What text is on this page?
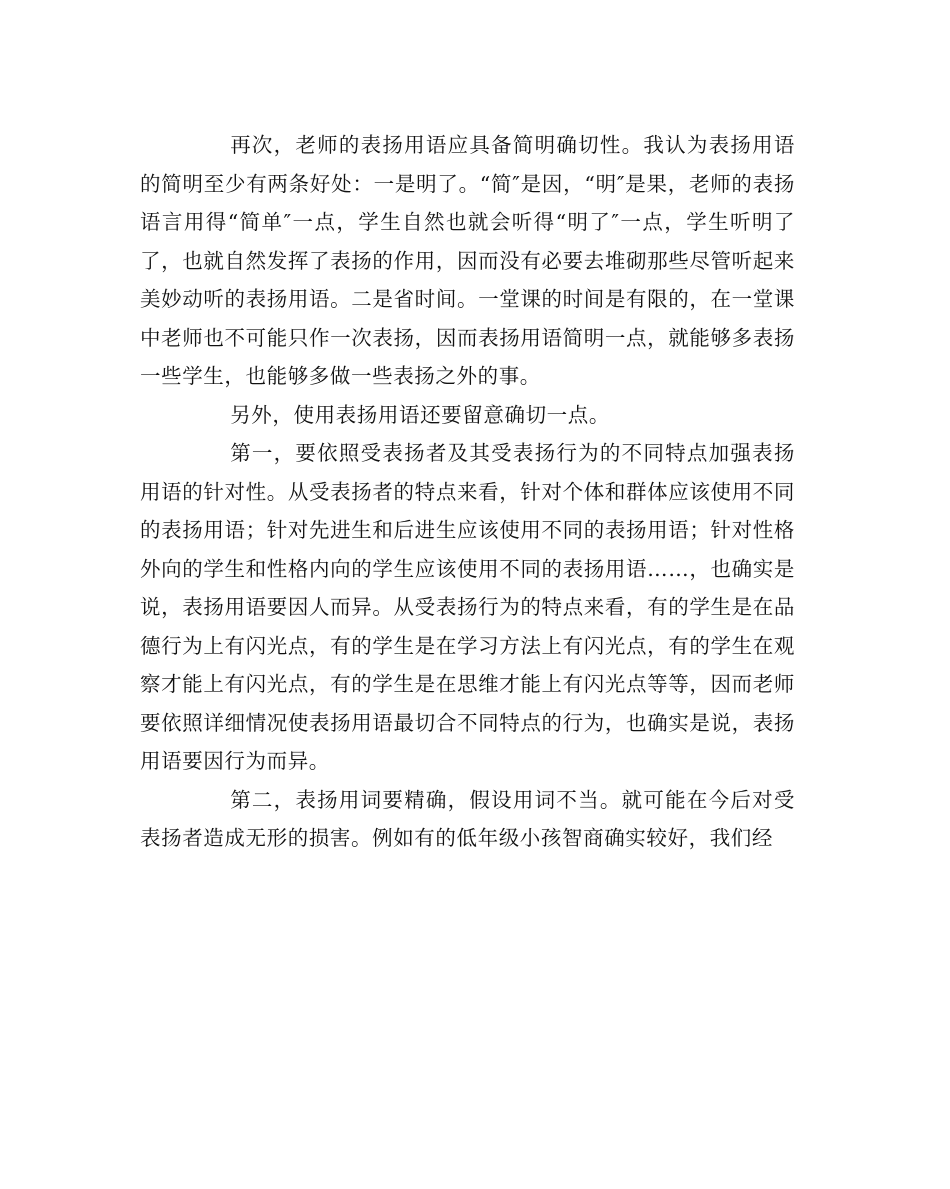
再次，老师的表扬用语应具备简明确切性。我认为表扬用语的简明至少有两条好处：一是明了。“简″是因，“明″是果，老师的表扬语言用得“简单″一点，学生自然也就会听得“明了″一点，学生听明了了，也就自然发挥了表扬的作用，因而没有必要去堆砌那些尽管听起来美妙动听的表扬用语。二是省时间。一堂课的时间是有限的，在一堂课中老师也不可能只作一次表扬，因而表扬用语简明一点，就能够多表扬一些学生，也能够多做一些表扬之外的事。

另外，使用表扬用语还要留意确切一点。

第一，要依照受表扬者及其受表扬行为的不同特点加强表扬用语的针对性。从受表扬者的特点来看，针对个体和群体应该使用不同的表扬用语；针对先进生和后进生应该使用不同的表扬用语；针对性格外向的学生和性格内向的学生应该使用不同的表扬用语……，也确实是说，表扬用语要因人而异。从受表扬行为的特点来看，有的学生是在品德行为上有闪光点，有的学生是在学习方法上有闪光点，有的学生在观察才能上有闪光点，有的学生是在思维才能上有闪光点等等，因而老师要依照详细情况使表扬用语最切合不同特点的行为，也确实是说，表扬用语要因行为而异。

第二，表扬用词要精确，假设用词不当。就可能在今后对受表扬者造成无形的损害。例如有的低年级小孩智商确实较好，我们经
